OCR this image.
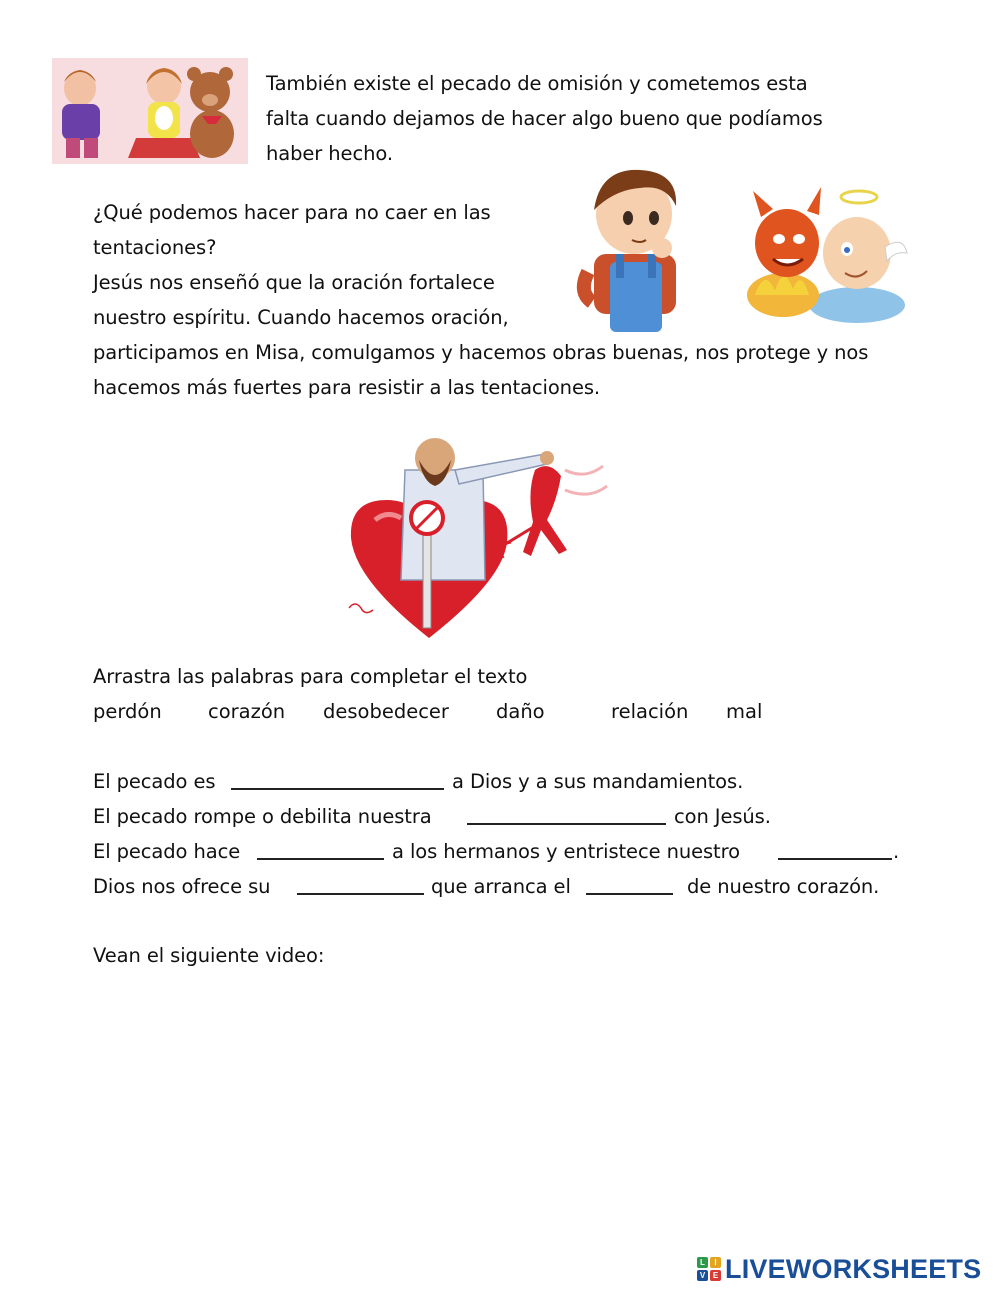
También existe el pecado de omisión y cometemos esta
falta cuando dejamos de hacer algo bueno que podíamos
haber hecho.
¿Qué podemos hacer para no caer en las
tentaciones?
Jesús nos enseñó que la oración fortalece
nuestro espíritu. Cuando hacemos oración,
participamos en Misa, comulgamos y hacemos obras buenas, nos protege y nos
hacemos más fuertes para resistir a las tentaciones.
Arrastra las palabras para completar el texto
perdón corazón desobedecer daño	relación mal
El pecado es	a Dios y a sus mandamientos.
El pecado rompe o debilita nuestra	con Jesús.
El pecado hace	a los hermanos y entristece nuestro	.
Dios nos ofrece su	que arranca el	de nuestro corazón.
Vean el siguiente video:
L	I
V E LIVEWORKSHEETS
